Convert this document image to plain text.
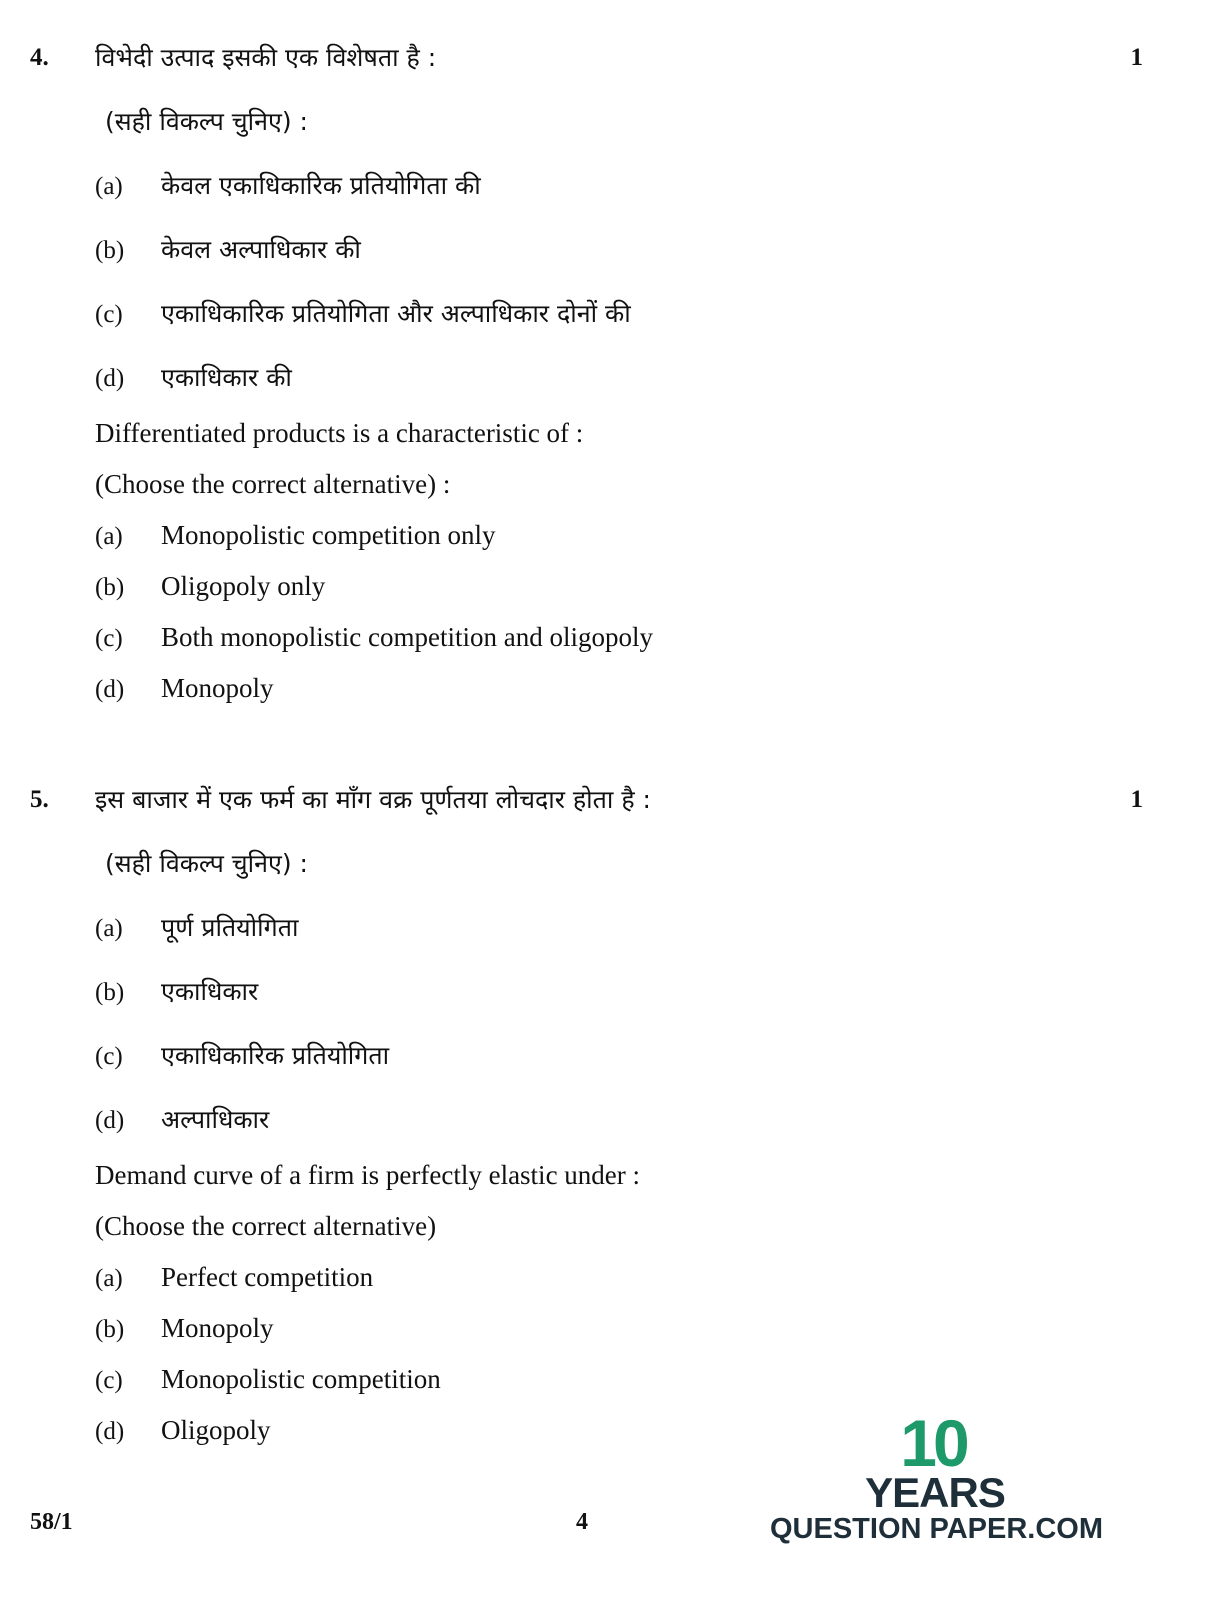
4.	1
विभेदी उत्पाद इसकी एक विशेषता है :
(सही विकल्प चुनिए) :
(a) केवल एकाधिकारिक प्रतियोगिता की
(b) केवल अल्पाधिकार की
(c) एकाधिकारिक प्रतियोगिता और अल्पाधिकार दोनों की
(d) एकाधिकार की
Differentiated products is a characteristic of :
(Choose the correct alternative) :
(a) Monopolistic competition only
(b) Oligopoly only
(c) Both monopolistic competition and oligopoly
(d) Monopoly
5.	1
इस बाजार में एक फर्म का माँग वक्र पूर्णतया लोचदार होता है :
(सही विकल्प चुनिए) :
(a) पूर्ण प्रतियोगिता
(b) एकाधिकार
(c) एकाधिकारिक प्रतियोगिता
(d) अल्पाधिकार
Demand curve of a firm is perfectly elastic under :
(Choose the correct alternative)
(a) Perfect competition
(b) Monopoly
(c) Monopolistic competition
(d) Oligopoly
58/1	4
10
YEARS
QUESTION PAPER.COM
